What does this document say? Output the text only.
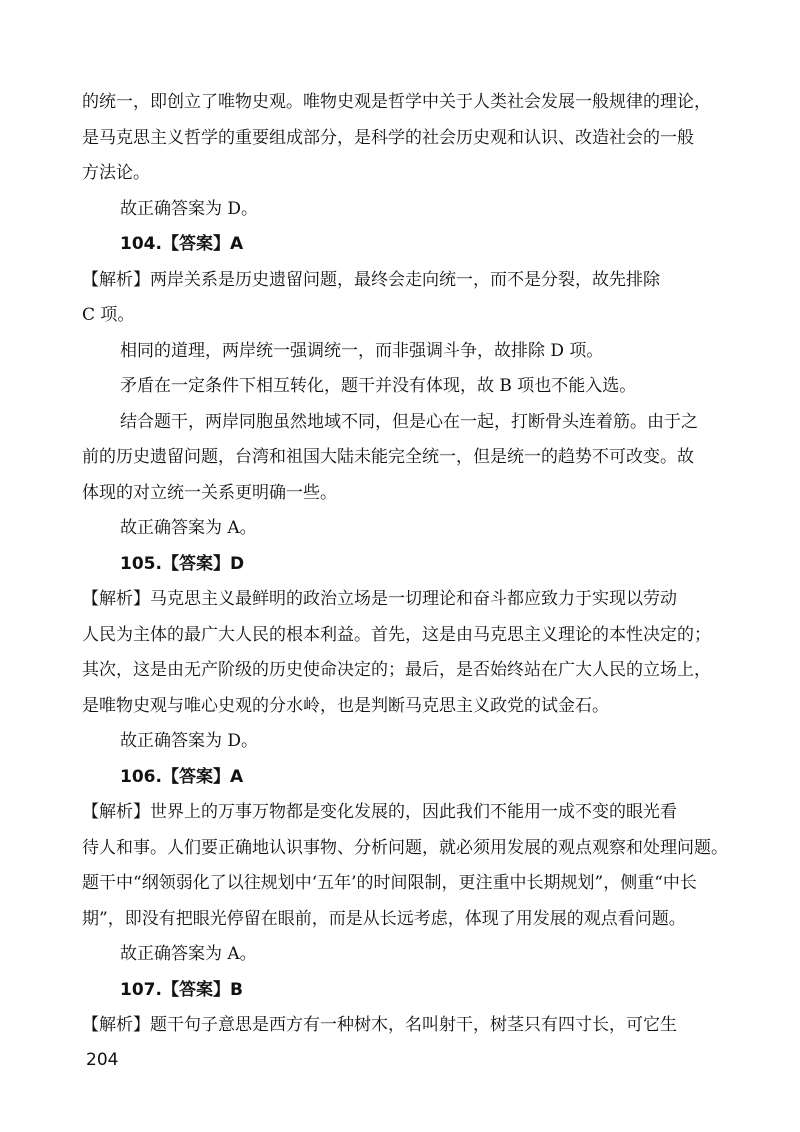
的统一，即创立了唯物史观。唯物史观是哲学中关于人类社会发展一般规律的理论，
是马克思主义哲学的重要组成部分，是科学的社会历史观和认识、改造社会的一般
方法论。
故正确答案为 D。
104.【答案】A
【解析】两岸关系是历史遗留问题，最终会走向统一，而不是分裂，故先排除
C 项。
相同的道理，两岸统一强调统一，而非强调斗争，故排除 D 项。
矛盾在一定条件下相互转化，题干并没有体现，故 B 项也不能入选。
结合题干，两岸同胞虽然地域不同，但是心在一起，打断骨头连着筋。由于之
前的历史遗留问题，台湾和祖国大陆未能完全统一，但是统一的趋势不可改变。故
体现的对立统一关系更明确一些。
故正确答案为 A。
105.【答案】D
【解析】马克思主义最鲜明的政治立场是一切理论和奋斗都应致力于实现以劳动
人民为主体的最广大人民的根本利益。首先，这是由马克思主义理论的本性决定的；
其次，这是由无产阶级的历史使命决定的；最后，是否始终站在广大人民的立场上，
是唯物史观与唯心史观的分水岭，也是判断马克思主义政党的试金石。
故正确答案为 D。
106.【答案】A
【解析】世界上的万事万物都是变化发展的，因此我们不能用一成不变的眼光看
待人和事。人们要正确地认识事物、分析问题，就必须用发展的观点观察和处理问题。
题干中“纲领弱化了以往规划中‘五年’的时间限制，更注重中长期规划”，侧重“中长
期”，即没有把眼光停留在眼前，而是从长远考虑，体现了用发展的观点看问题。
故正确答案为 A。
107.【答案】B
【解析】题干句子意思是西方有一种树木，名叫射干，树茎只有四寸长，可它生
204
